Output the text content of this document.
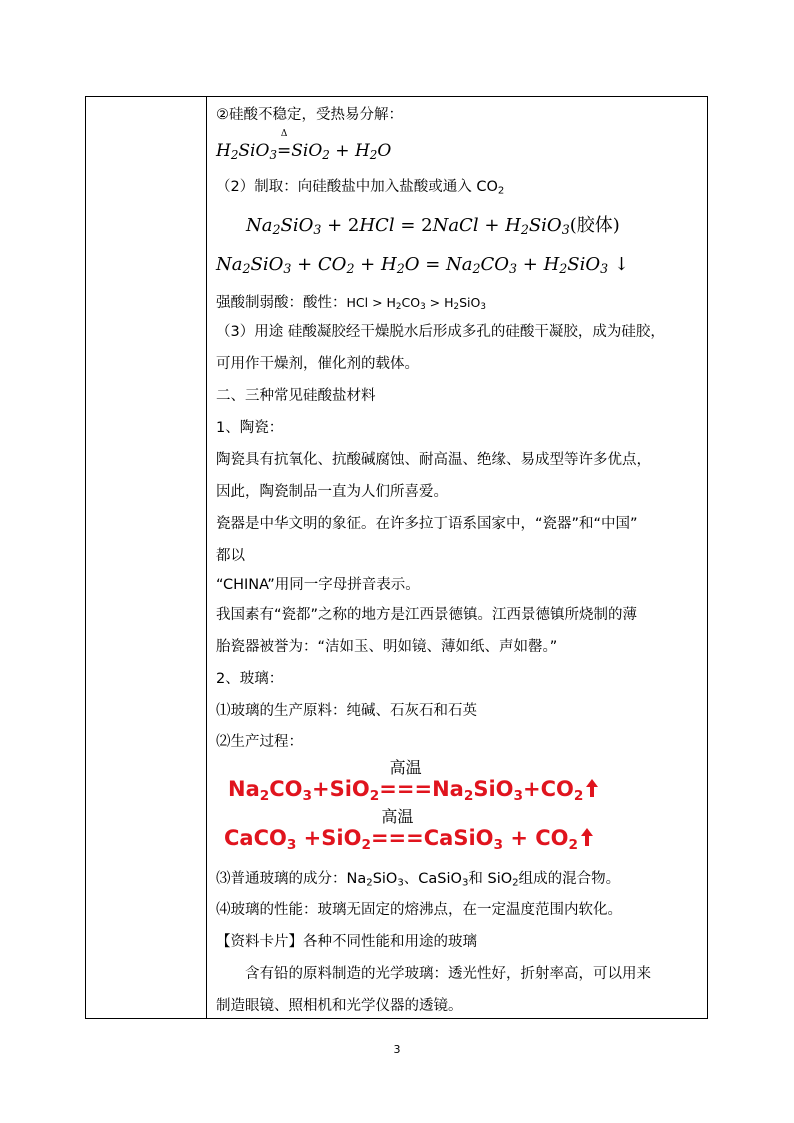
②硅酸不稳定，受热易分解：
$H_2SiO_3$
Δ
$=SiO_2 + H_2O$
（2）制取：向硅酸盐中加入盐酸或通入 $CO_2$
$Na_2SiO_3 + 2HCl$ = 2NaCl + $H_2SiO_3$(胶体)
$Na_2SiO_3 + CO_2 + H_2O = Na_2CO_3 + H_2SiO_3$ ↓
强酸制弱酸：酸性：HCl > $H_2CO_3 > H_2SiO_3$
（3）用途 硅酸凝胶经干燥脱水后形成多孔的硅酸干凝胶，成为硅胶，
可用作干燥剂，催化剂的载体。
二、三种常见硅酸盐材料
1、陶瓷：
陶瓷具有抗氧化、抗酸碱腐蚀、耐高温、绝缘、易成型等许多优点，
因此，陶瓷制品一直为人们所喜爱。
瓷器是中华文明的象征。在许多拉丁语系国家中，“瓷器”和“中国”
都以
“CHINA”用同一字母拼音表示。
我国素有“瓷都”之称的地方是江西景德镇。江西景德镇所烧制的薄
胎瓷器被誉为：“洁如玉、明如镜、薄如纸、声如罄。”
2、玻璃：
⑴玻璃的生产原料：纯碱、石灰石和石英
⑵生产过程：
$Na_2CO_3+SiO_2$
高温
$===Na_2SiO_3+CO_2$
CaCO$_3$ +SiO$_2$
高温
===CaSiO$_3$ + $CO_2$
⑶普通玻璃的成分：$Na_2SiO_3$、CaSiO$_3$和 SiO$_2$组成的混合物。
⑷玻璃的性能：玻璃无固定的熔沸点，在一定温度范围内软化。
【资料卡片】各种不同性能和用途的玻璃
　　含有铅的原料制造的光学玻璃：透光性好，折射率高，可以用来
制造眼镜、照相机和光学仪器的透镜。
3
